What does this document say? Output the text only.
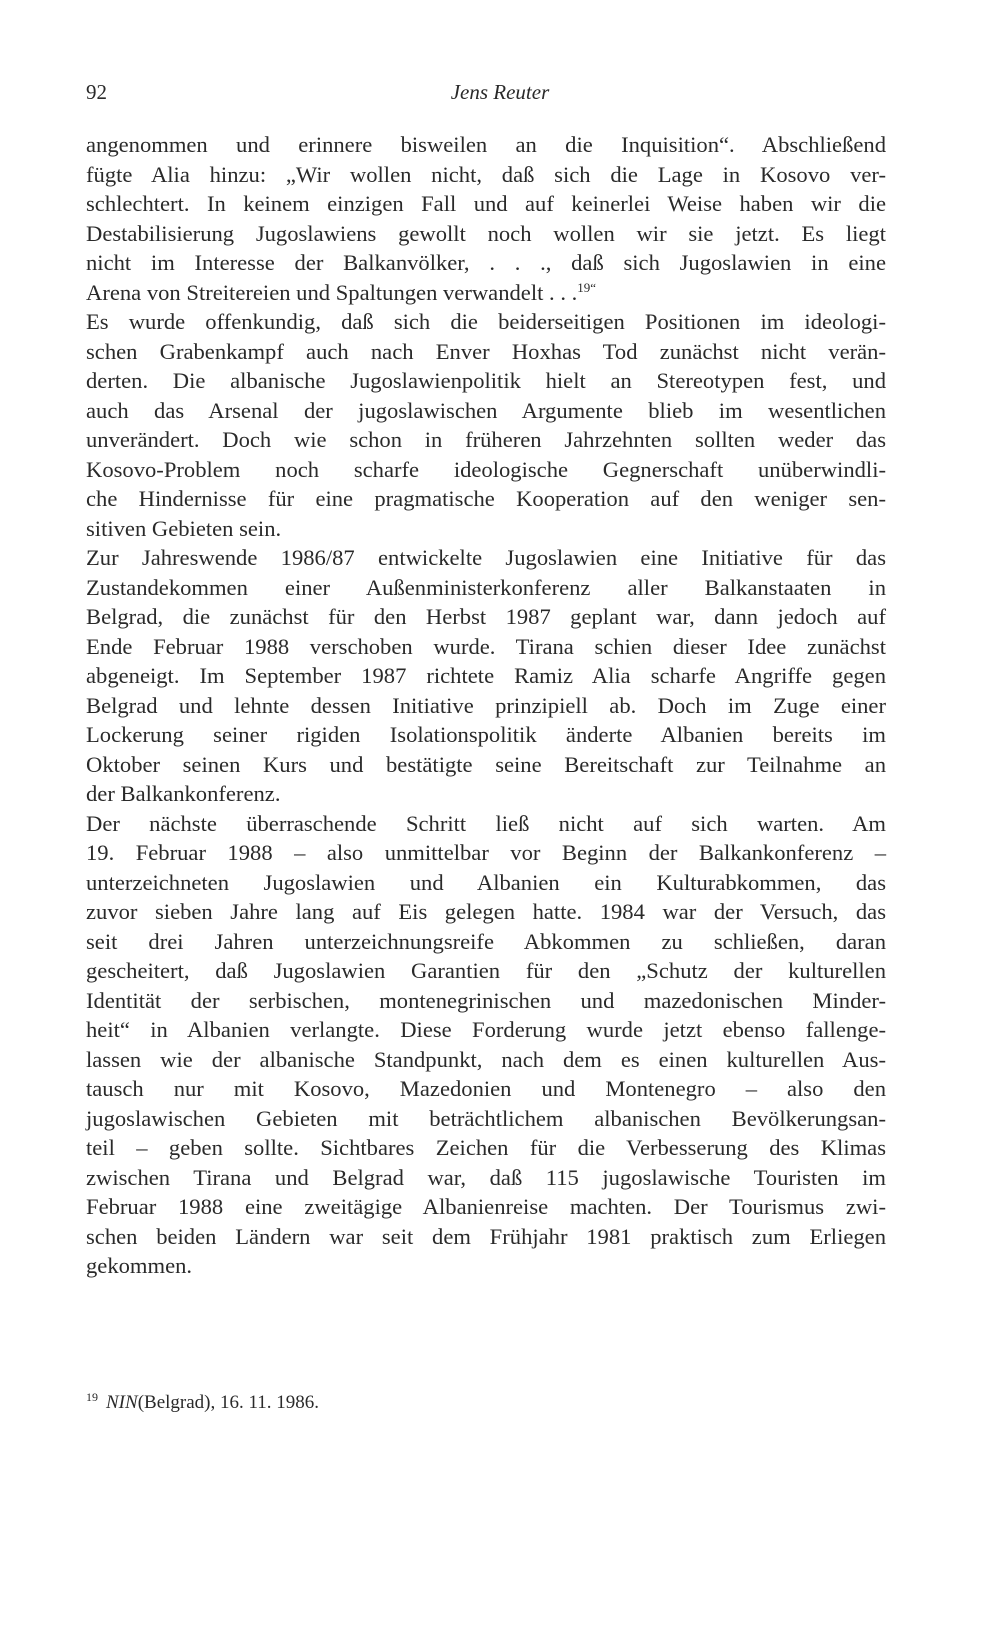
92	Jens Reuter
angenommen und erinnere bisweilen an die Inquisition“. Abschließend
fügte Alia hinzu: „Wir wollen nicht, daß sich die Lage in Kosovo ver-
schlechtert. In keinem einzigen Fall und auf keinerlei Weise haben wir die
Destabilisierung Jugoslawiens gewollt noch wollen wir sie jetzt. Es liegt
nicht im Interesse der Balkanvölker, . . ., daß sich Jugoslawien in eine
Arena von Streitereien und Spaltungen verwandelt . . .$^{19“}$
Es wurde offenkundig, daß sich die beiderseitigen Positionen im ideologi-
schen Grabenkampf auch nach Enver Hoxhas Tod zunächst nicht verän-
derten. Die albanische Jugoslawienpolitik hielt an Stereotypen fest, und
auch das Arsenal der jugoslawischen Argumente blieb im wesentlichen
unverändert. Doch wie schon in früheren Jahrzehnten sollten weder das
Kosovo-Problem noch scharfe ideologische Gegnerschaft unüberwindli-
che Hindernisse für eine pragmatische Kooperation auf den weniger sen-
sitiven Gebieten sein.
Zur Jahreswende 1986/87 entwickelte Jugoslawien eine Initiative für das
Zustandekommen einer Außenministerkonferenz aller Balkanstaaten in
Belgrad, die zunächst für den Herbst 1987 geplant war, dann jedoch auf
Ende Februar 1988 verschoben wurde. Tirana schien dieser Idee zunächst
abgeneigt. Im September 1987 richtete Ramiz Alia scharfe Angriffe gegen
Belgrad und lehnte dessen Initiative prinzipiell ab. Doch im Zuge einer
Lockerung seiner rigiden Isolationspolitik änderte Albanien bereits im
Oktober seinen Kurs und bestätigte seine Bereitschaft zur Teilnahme an
der Balkankonferenz.
Der nächste überraschende Schritt ließ nicht auf sich warten. Am
19. Februar 1988 – also unmittelbar vor Beginn der Balkankonferenz –
unterzeichneten Jugoslawien und Albanien ein Kulturabkommen, das
zuvor sieben Jahre lang auf Eis gelegen hatte. 1984 war der Versuch, das
seit drei Jahren unterzeichnungsreife Abkommen zu schließen, daran
gescheitert, daß Jugoslawien Garantien für den „Schutz der kulturellen
Identität der serbischen, montenegrinischen und mazedonischen Minder-
heit“ in Albanien verlangte. Diese Forderung wurde jetzt ebenso fallenge-
lassen wie der albanische Standpunkt, nach dem es einen kulturellen Aus-
tausch nur mit Kosovo, Mazedonien und Montenegro – also den
jugoslawischen Gebieten mit beträchtlichem albanischen Bevölkerungsan-
teil – geben sollte. Sichtbares Zeichen für die Verbesserung des Klimas
zwischen Tirana und Belgrad war, daß 115 jugoslawische Touristen im
Februar 1988 eine zweitägige Albanienreise machten. Der Tourismus zwi-
schen beiden Ländern war seit dem Frühjahr 1981 praktisch zum Erliegen
gekommen.
$^{19}$ NIN(Belgrad), 16. 11. 1986.
